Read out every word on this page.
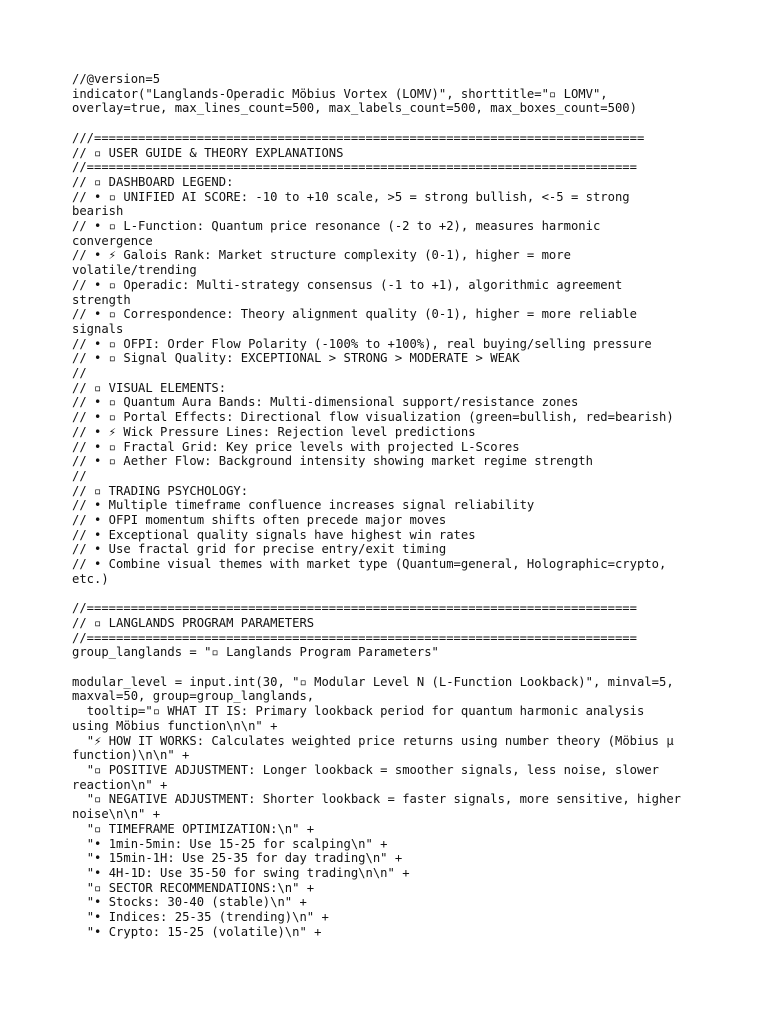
//@version=5
indicator("Langlands-Operadic Möbius Vortex (LOMV)", shorttitle="▫ LOMV",
overlay=true, max_lines_count=500, max_labels_count=500, max_boxes_count=500)
///===========================================================================
// ▫ USER GUIDE & THEORY EXPLANATIONS
//===========================================================================
// ▫ DASHBOARD LEGEND:
// • ▫ UNIFIED AI SCORE: -10 to +10 scale, >5 = strong bullish, <-5 = strong
bearish
// • ▫ L-Function: Quantum price resonance (-2 to +2), measures harmonic
convergence
// • ⚡ Galois Rank: Market structure complexity (0-1), higher = more
volatile/trending
// • ▫ Operadic: Multi-strategy consensus (-1 to +1), algorithmic agreement
strength
// • ▫ Correspondence: Theory alignment quality (0-1), higher = more reliable
signals
// • ▫ OFPI: Order Flow Polarity (-100% to +100%), real buying/selling pressure
// • ▫ Signal Quality: EXCEPTIONAL > STRONG > MODERATE > WEAK
//
// ▫ VISUAL ELEMENTS:
// • ▫ Quantum Aura Bands: Multi-dimensional support/resistance zones
// • ▫ Portal Effects: Directional flow visualization (green=bullish, red=bearish)
// • ⚡ Wick Pressure Lines: Rejection level predictions
// • ▫ Fractal Grid: Key price levels with projected L-Scores
// • ▫ Aether Flow: Background intensity showing market regime strength
//
// ▫ TRADING PSYCHOLOGY:
// • Multiple timeframe confluence increases signal reliability
// • OFPI momentum shifts often precede major moves
// • Exceptional quality signals have highest win rates
// • Use fractal grid for precise entry/exit timing
// • Combine visual themes with market type (Quantum=general, Holographic=crypto,
etc.)
//===========================================================================
// ▫ LANGLANDS PROGRAM PARAMETERS
//===========================================================================
group_langlands = "▫ Langlands Program Parameters"
modular_level = input.int(30, "▫ Modular Level N (L-Function Lookback)", minval=5,
maxval=50, group=group_langlands,
tooltip="▫ WHAT IT IS: Primary lookback period for quantum harmonic analysis
using Möbius function\n\n" +
"⚡ HOW IT WORKS: Calculates weighted price returns using number theory (Möbius μ
function)\n\n" +
"▫ POSITIVE ADJUSTMENT: Longer lookback = smoother signals, less noise, slower
reaction\n" +
"▫ NEGATIVE ADJUSTMENT: Shorter lookback = faster signals, more sensitive, higher
noise\n\n" +
"▫ TIMEFRAME OPTIMIZATION:\n" +
"• 1min-5min: Use 15-25 for scalping\n" +
"• 15min-1H: Use 25-35 for day trading\n" +
"• 4H-1D: Use 35-50 for swing trading\n\n" +
"▫ SECTOR RECOMMENDATIONS:\n" +
"• Stocks: 30-40 (stable)\n" +
"• Indices: 25-35 (trending)\n" +
"• Crypto: 15-25 (volatile)\n" +
